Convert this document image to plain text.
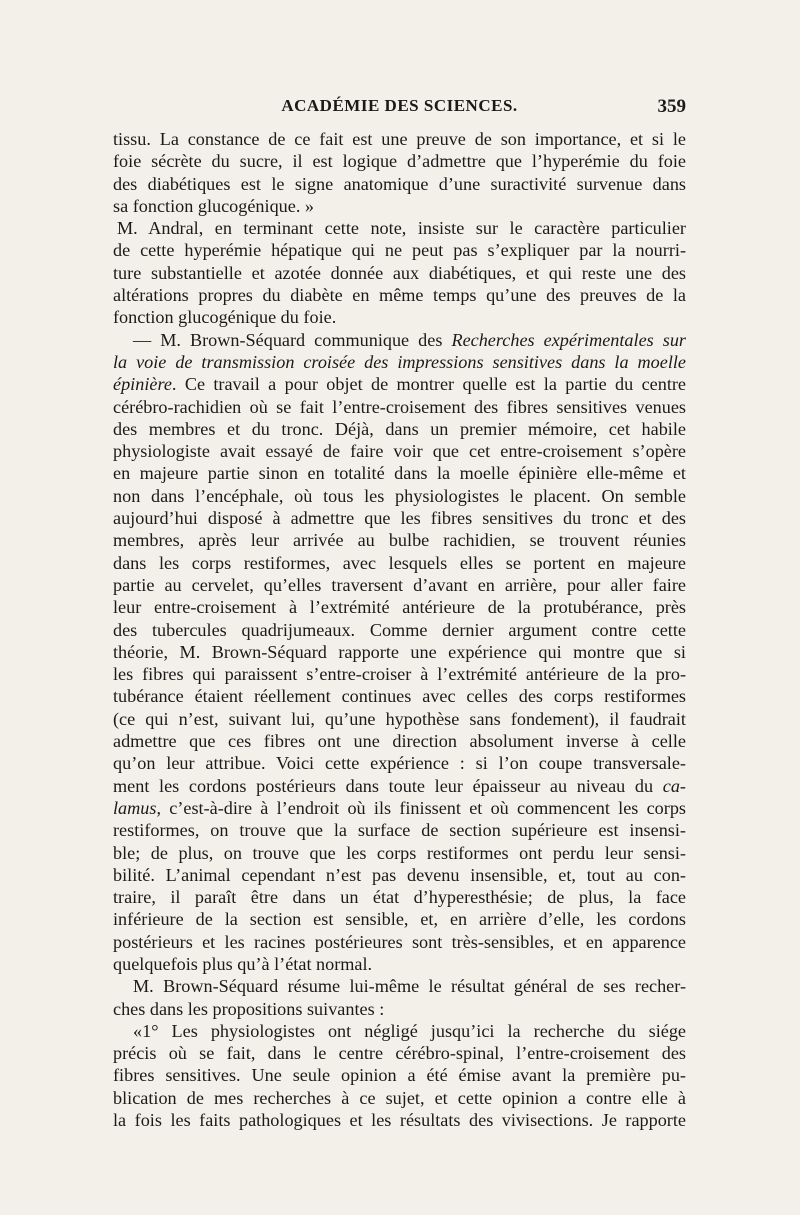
ACADÉMIE DES SCIENCES.	359
tissu. La constance de ce fait est une preuve de son importance, et si le
foie sécrète du sucre, il est logique d’admettre que l’hyperémie du foie
des diabétiques est le signe anatomique d’une suractivité survenue dans
sa fonction glucogénique. »
M. Andral, en terminant cette note, insiste sur le caractère particulier
de cette hyperémie hépatique qui ne peut pas s’expliquer par la nourri-
ture substantielle et azotée donnée aux diabétiques, et qui reste une des
altérations propres du diabète en même temps qu’une des preuves de la
fonction glucogénique du foie.
— M. Brown-Séquard communique des Recherches expérimentales sur
la voie de transmission croisée des impressions sensitives dans la moelle
épinière. Ce travail a pour objet de montrer quelle est la partie du centre
cérébro-rachidien où se fait l’entre-croisement des fibres sensitives venues
des membres et du tronc. Déjà, dans un premier mémoire, cet habile
physiologiste avait essayé de faire voir que cet entre-croisement s’opère
en majeure partie sinon en totalité dans la moelle épinière elle-même et
non dans l’encéphale, où tous les physiologistes le placent. On semble
aujourd’hui disposé à admettre que les fibres sensitives du tronc et des
membres, après leur arrivée au bulbe rachidien, se trouvent réunies
dans les corps restiformes, avec lesquels elles se portent en majeure
partie au cervelet, qu’elles traversent d’avant en arrière, pour aller faire
leur entre-croisement à l’extrémité antérieure de la protubérance, près
des tubercules quadrijumeaux. Comme dernier argument contre cette
théorie, M. Brown-Séquard rapporte une expérience qui montre que si
les fibres qui paraissent s’entre-croiser à l’extrémité antérieure de la pro-
tubérance étaient réellement continues avec celles des corps restiformes
(ce qui n’est, suivant lui, qu’une hypothèse sans fondement), il faudrait
admettre que ces fibres ont une direction absolument inverse à celle
qu’on leur attribue. Voici cette expérience : si l’on coupe transversale-
ment les cordons postérieurs dans toute leur épaisseur au niveau du ca-
lamus, c’est-à-dire à l’endroit où ils finissent et où commencent les corps
restiformes, on trouve que la surface de section supérieure est insensi-
ble; de plus, on trouve que les corps restiformes ont perdu leur sensi-
bilité. L’animal cependant n’est pas devenu insensible, et, tout au con-
traire, il paraît être dans un état d’hyperesthésie; de plus, la face
inférieure de la section est sensible, et, en arrière d’elle, les cordons
postérieurs et les racines postérieures sont très-sensibles, et en apparence
quelquefois plus qu’à l’état normal.
M. Brown-Séquard résume lui-même le résultat général de ses recher-
ches dans les propositions suivantes :
«1° Les physiologistes ont négligé jusqu’ici la recherche du siége
précis où se fait, dans le centre cérébro-spinal, l’entre-croisement des
fibres sensitives. Une seule opinion a été émise avant la première pu-
blication de mes recherches à ce sujet, et cette opinion a contre elle à
la fois les faits pathologiques et les résultats des vivisections. Je rapporte
